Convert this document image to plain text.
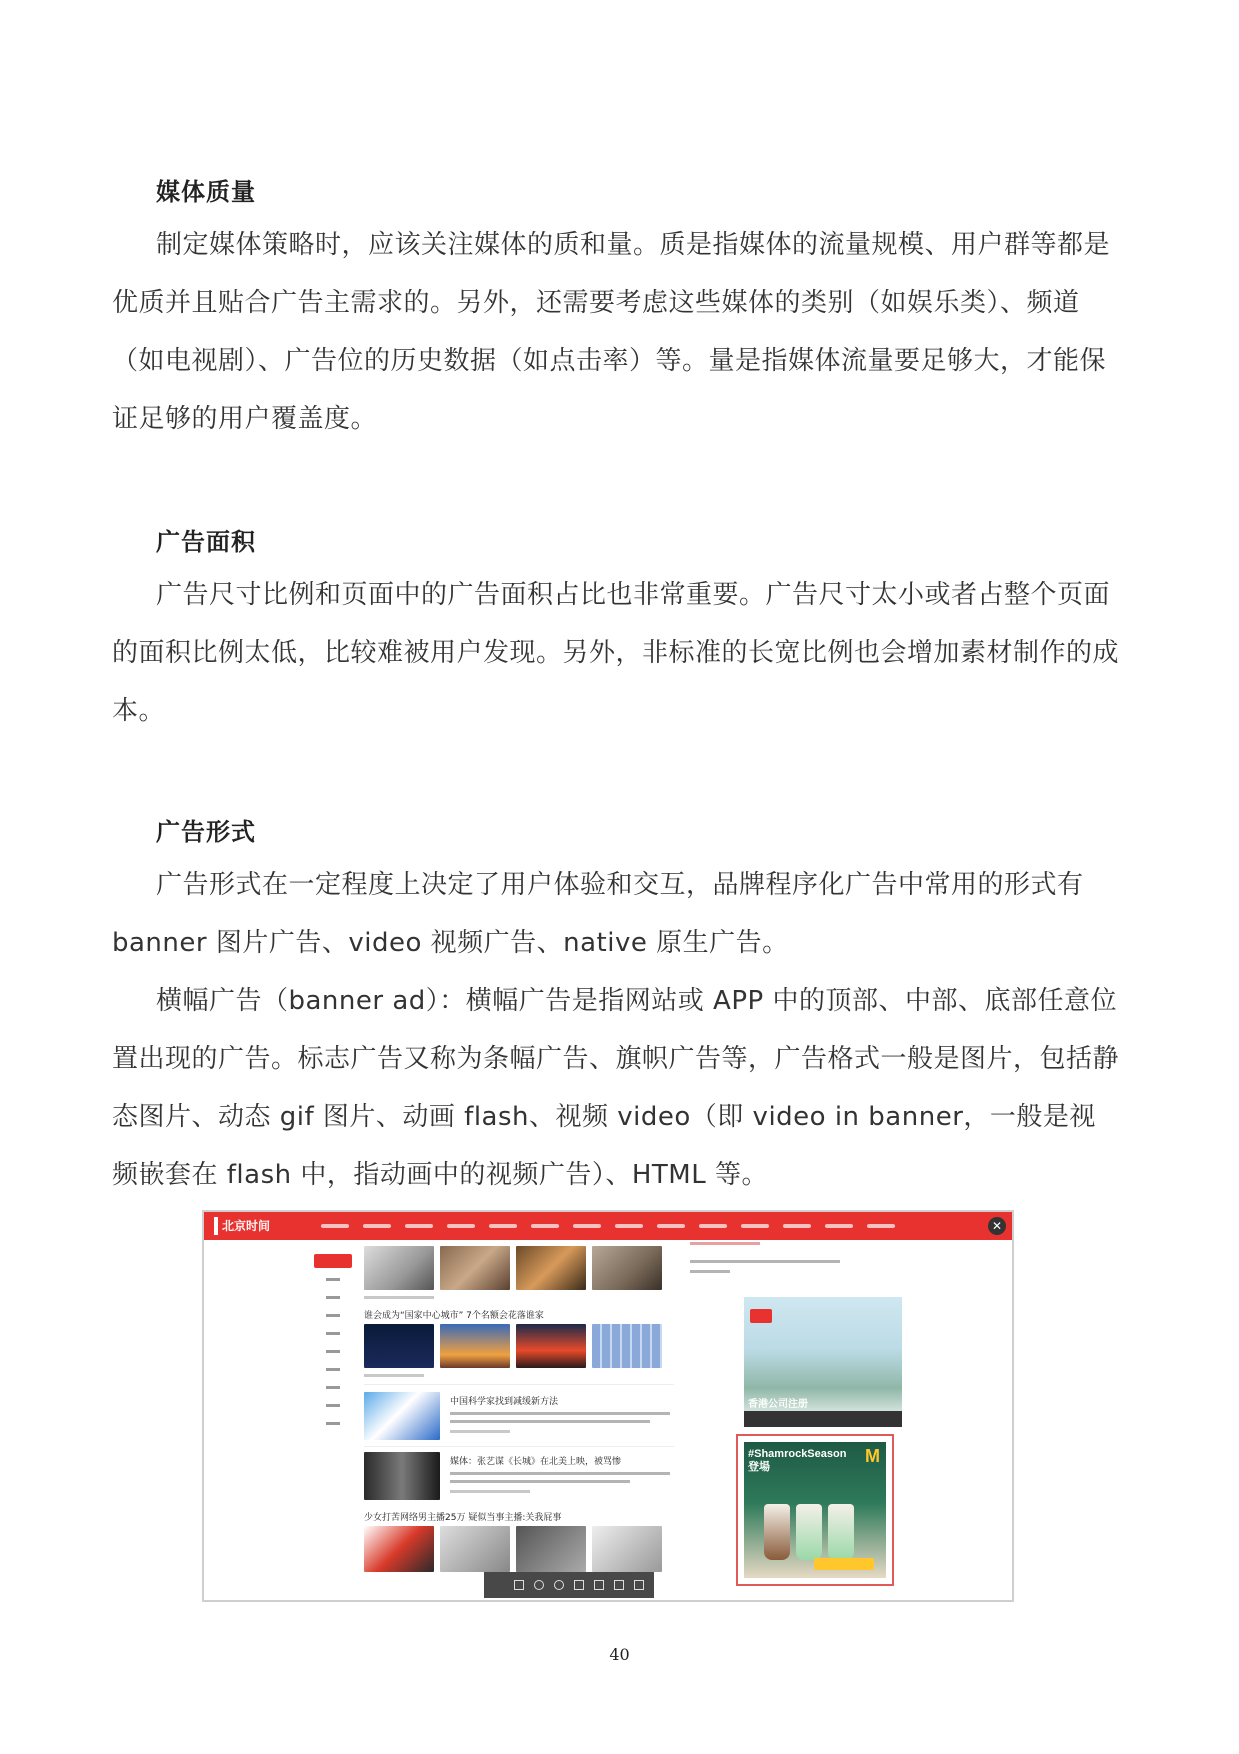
媒体质量

制定媒体策略时，应该关注媒体的质和量。质是指媒体的流量规模、用户群等都是优质并且贴合广告主需求的。另外，还需要考虑这些媒体的类别（如娱乐类）、频道（如电视剧）、广告位的历史数据（如点击率）等。量是指媒体流量要足够大，才能保证足够的用户覆盖度。

广告面积

广告尺寸比例和页面中的广告面积占比也非常重要。广告尺寸太小或者占整个页面的面积比例太低，比较难被用户发现。另外，非标准的长宽比例也会增加素材制作的成本。

广告形式

广告形式在一定程度上决定了用户体验和交互，品牌程序化广告中常用的形式有banner 图片广告、video 视频广告、native 原生广告。

横幅广告（banner ad）：横幅广告是指网站或 APP 中的顶部、中部、底部任意位置出现的广告。标志广告又称为条幅广告、旗帜广告等，广告格式一般是图片，包括静态图片、动态 gif 图片、动画 flash、视频 video（即 video in banner，一般是视频嵌套在 flash 中，指动画中的视频广告）、HTML 等。

北京时间	✕
谁会成为“国家中心城市” 7个名额会花落谁家
中国科学家找到减缓新方法
媒体：张艺谋《长城》在北美上映，被骂惨
少女打苦网络男主播25万 疑似当事主播:关我屁事
香港公司注册
#ShamrockSeason
登場
M
40
